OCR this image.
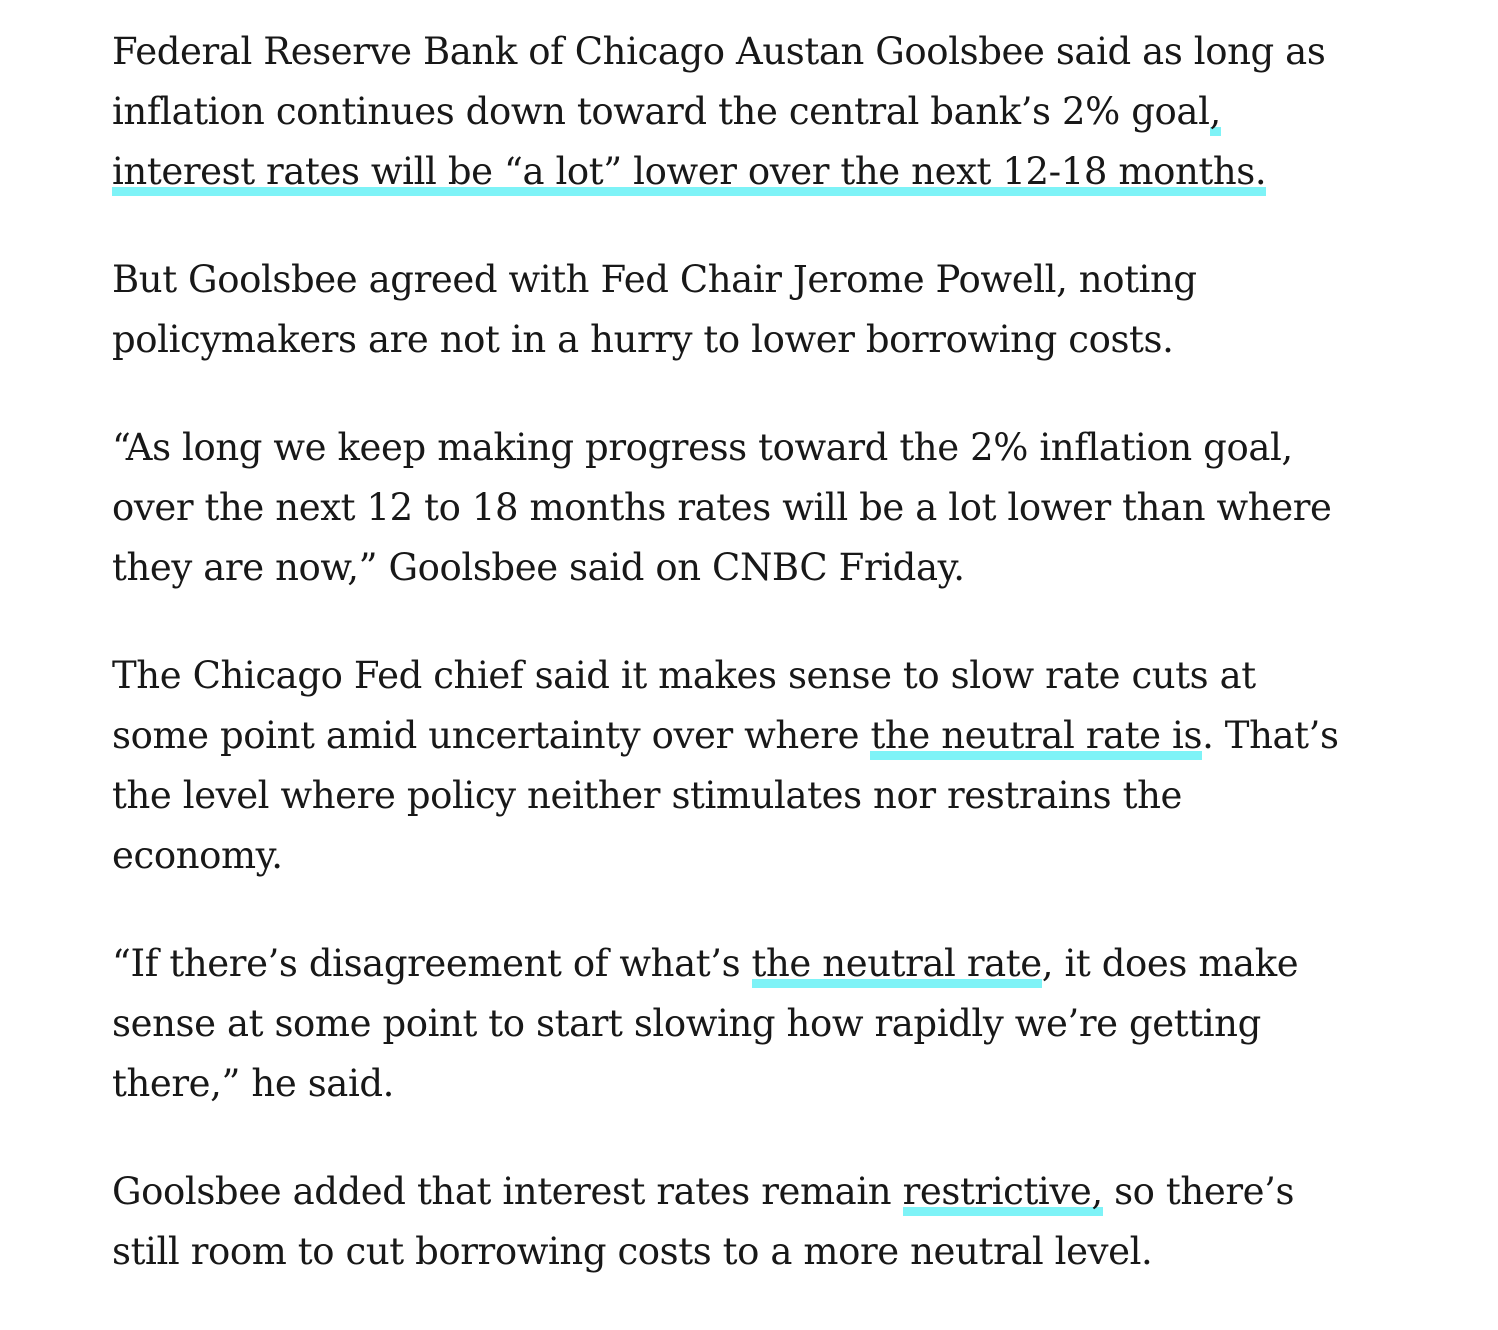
Federal Reserve Bank of Chicago Austan Goolsbee said as long as inflation continues down toward the central bank’s 2% goal, interest rates will be “a lot” lower over the next 12-18 months.

But Goolsbee agreed with Fed Chair Jerome Powell, noting policymakers are not in a hurry to lower borrowing costs.

“As long we keep making progress toward the 2% inflation goal, over the next 12 to 18 months rates will be a lot lower than where they are now,” Goolsbee said on CNBC Friday.

The Chicago Fed chief said it makes sense to slow rate cuts at some point amid uncertainty over where the neutral rate is. That’s the level where policy neither stimulates nor restrains the economy.

“If there’s disagreement of what’s the neutral rate, it does make sense at some point to start slowing how rapidly we’re getting there,” he said.

Goolsbee added that interest rates remain restrictive, so there’s still room to cut borrowing costs to a more neutral level.
